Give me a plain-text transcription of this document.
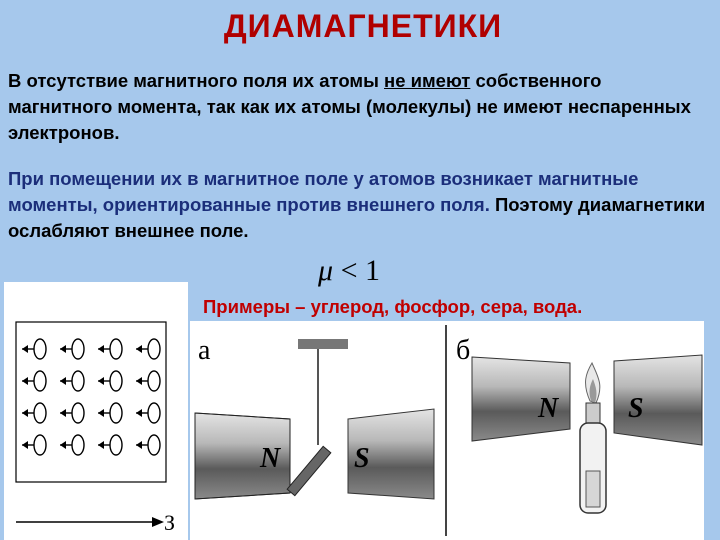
ДИАМАГНЕТИКИ
В отсутствие магнитного поля их атомы не имеют собственного магнитного момента, так как их атомы (молекулы) не имеют неспаренных электронов.
При помещении их в магнитное поле у атомов возникает магнитные моменты, ориентированные против внешнего поля. Поэтому диамагнетики ослабляют внешнее поле.
μ < 1
Примеры – углерод, фосфор, сера, вода.
З
а
N	S
б
N S
